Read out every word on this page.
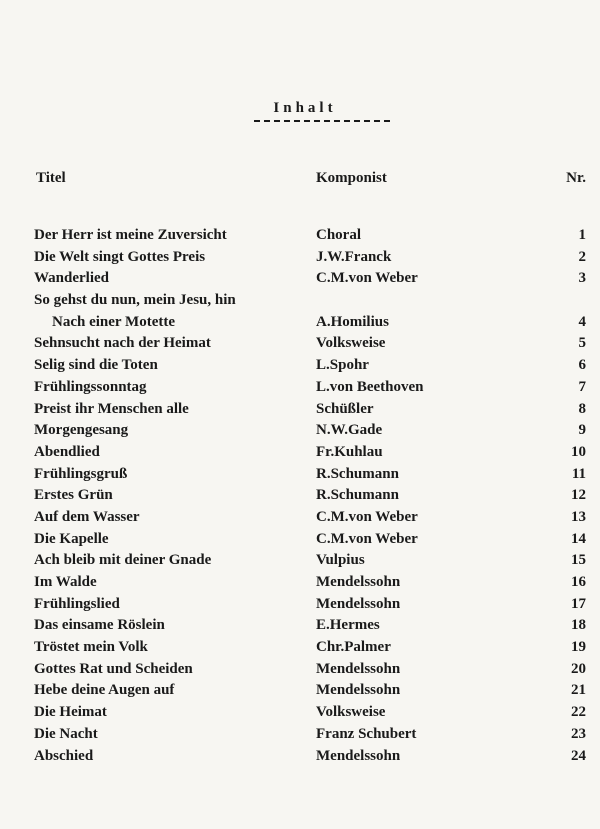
Inhalt
Titel	Komponist	Nr.
Der Herr ist meine Zuversicht	Choral	1
Die Welt singt Gottes Preis	J.W.Franck	2
Wanderlied	C.M.von Weber	3
So gehst du nun, mein Jesu, hin
Nach einer Motette	A.Homilius	4
Sehnsucht nach der Heimat	Volksweise	5
Selig sind die Toten	L.Spohr	6
Frühlingssonntag	L.von Beethoven	7
Preist ihr Menschen alle	Schüßler	8
Morgengesang	N.W.Gade	9
Abendlied	Fr.Kuhlau	10
Frühlingsgruß	R.Schumann	11
Erstes Grün	R.Schumann	12
Auf dem Wasser	C.M.von Weber	13
Die Kapelle	C.M.von Weber	14
Ach bleib mit deiner Gnade	Vulpius	15
Im Walde	Mendelssohn	16
Frühlingslied	Mendelssohn	17
Das einsame Röslein	E.Hermes	18
Tröstet mein Volk	Chr.Palmer	19
Gottes Rat und Scheiden	Mendelssohn	20
Hebe deine Augen auf	Mendelssohn	21
Die Heimat	Volksweise	22
Die Nacht	Franz Schubert	23
Abschied	Mendelssohn	24
